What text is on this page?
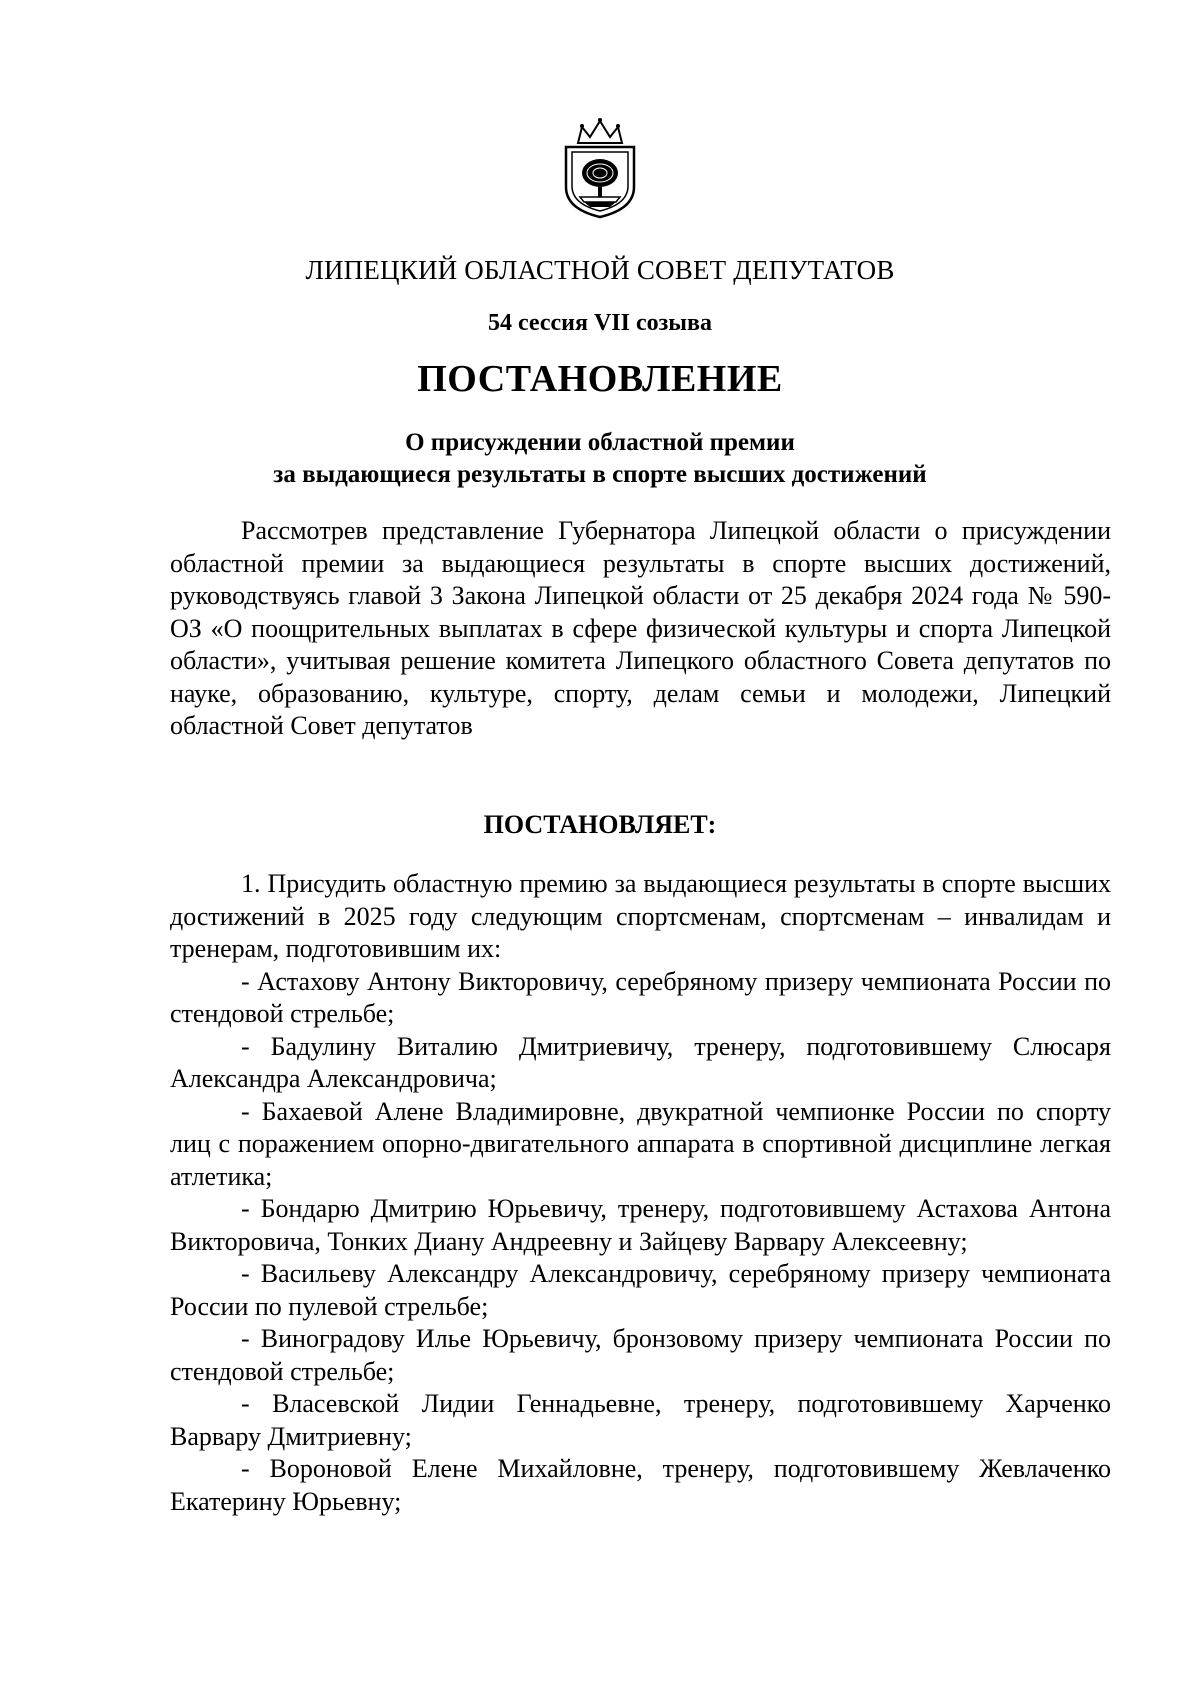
ЛИПЕЦКИЙ ОБЛАСТНОЙ СОВЕТ ДЕПУТАТОВ
54 сессия VII созыва
ПОСТАНОВЛЕНИЕ
О присуждении областной премии
за выдающиеся результаты в спорте высших достижений

Рассмотрев представление Губернатора Липецкой области о присуждении областной премии за выдающиеся результаты в спорте высших достижений, руководствуясь главой 3 Закона Липецкой области от 25 декабря 2024 года № 590-ОЗ «О поощрительных выплатах в сфере физической культуры и спорта Липецкой области», учитывая решение комитета Липецкого областного Совета депутатов по науке, образованию, культуре, спорту, делам семьи и молодежи, Липецкий областной Совет депутатов

ПОСТАНОВЛЯЕТ:

1. Присудить областную премию за выдающиеся результаты в спорте высших достижений в 2025 году следующим спортсменам, спортсменам – инвалидам и тренерам, подготовившим их:

- Астахову Антону Викторовичу, серебряному призеру чемпионата России по стендовой стрельбе;

- Бадулину Виталию Дмитриевичу, тренеру, подготовившему Слюсаря Александра Александровича;

- Бахаевой Алене Владимировне, двукратной чемпионке России по спорту лиц с поражением опорно-двигательного аппарата в спортивной дисциплине легкая атлетика;

- Бондарю Дмитрию Юрьевичу, тренеру, подготовившему Астахова Антона Викторовича, Тонких Диану Андреевну и Зайцеву Варвару Алексеевну;

- Васильеву Александру Александровичу, серебряному призеру чемпионата России по пулевой стрельбе;

- Виноградову Илье Юрьевичу, бронзовому призеру чемпионата России по стендовой стрельбе;

- Власевской Лидии Геннадьевне, тренеру, подготовившему Харченко Варвару Дмитриевну;

- Вороновой Елене Михайловне, тренеру, подготовившему Жевлаченко Екатерину Юрьевну;
